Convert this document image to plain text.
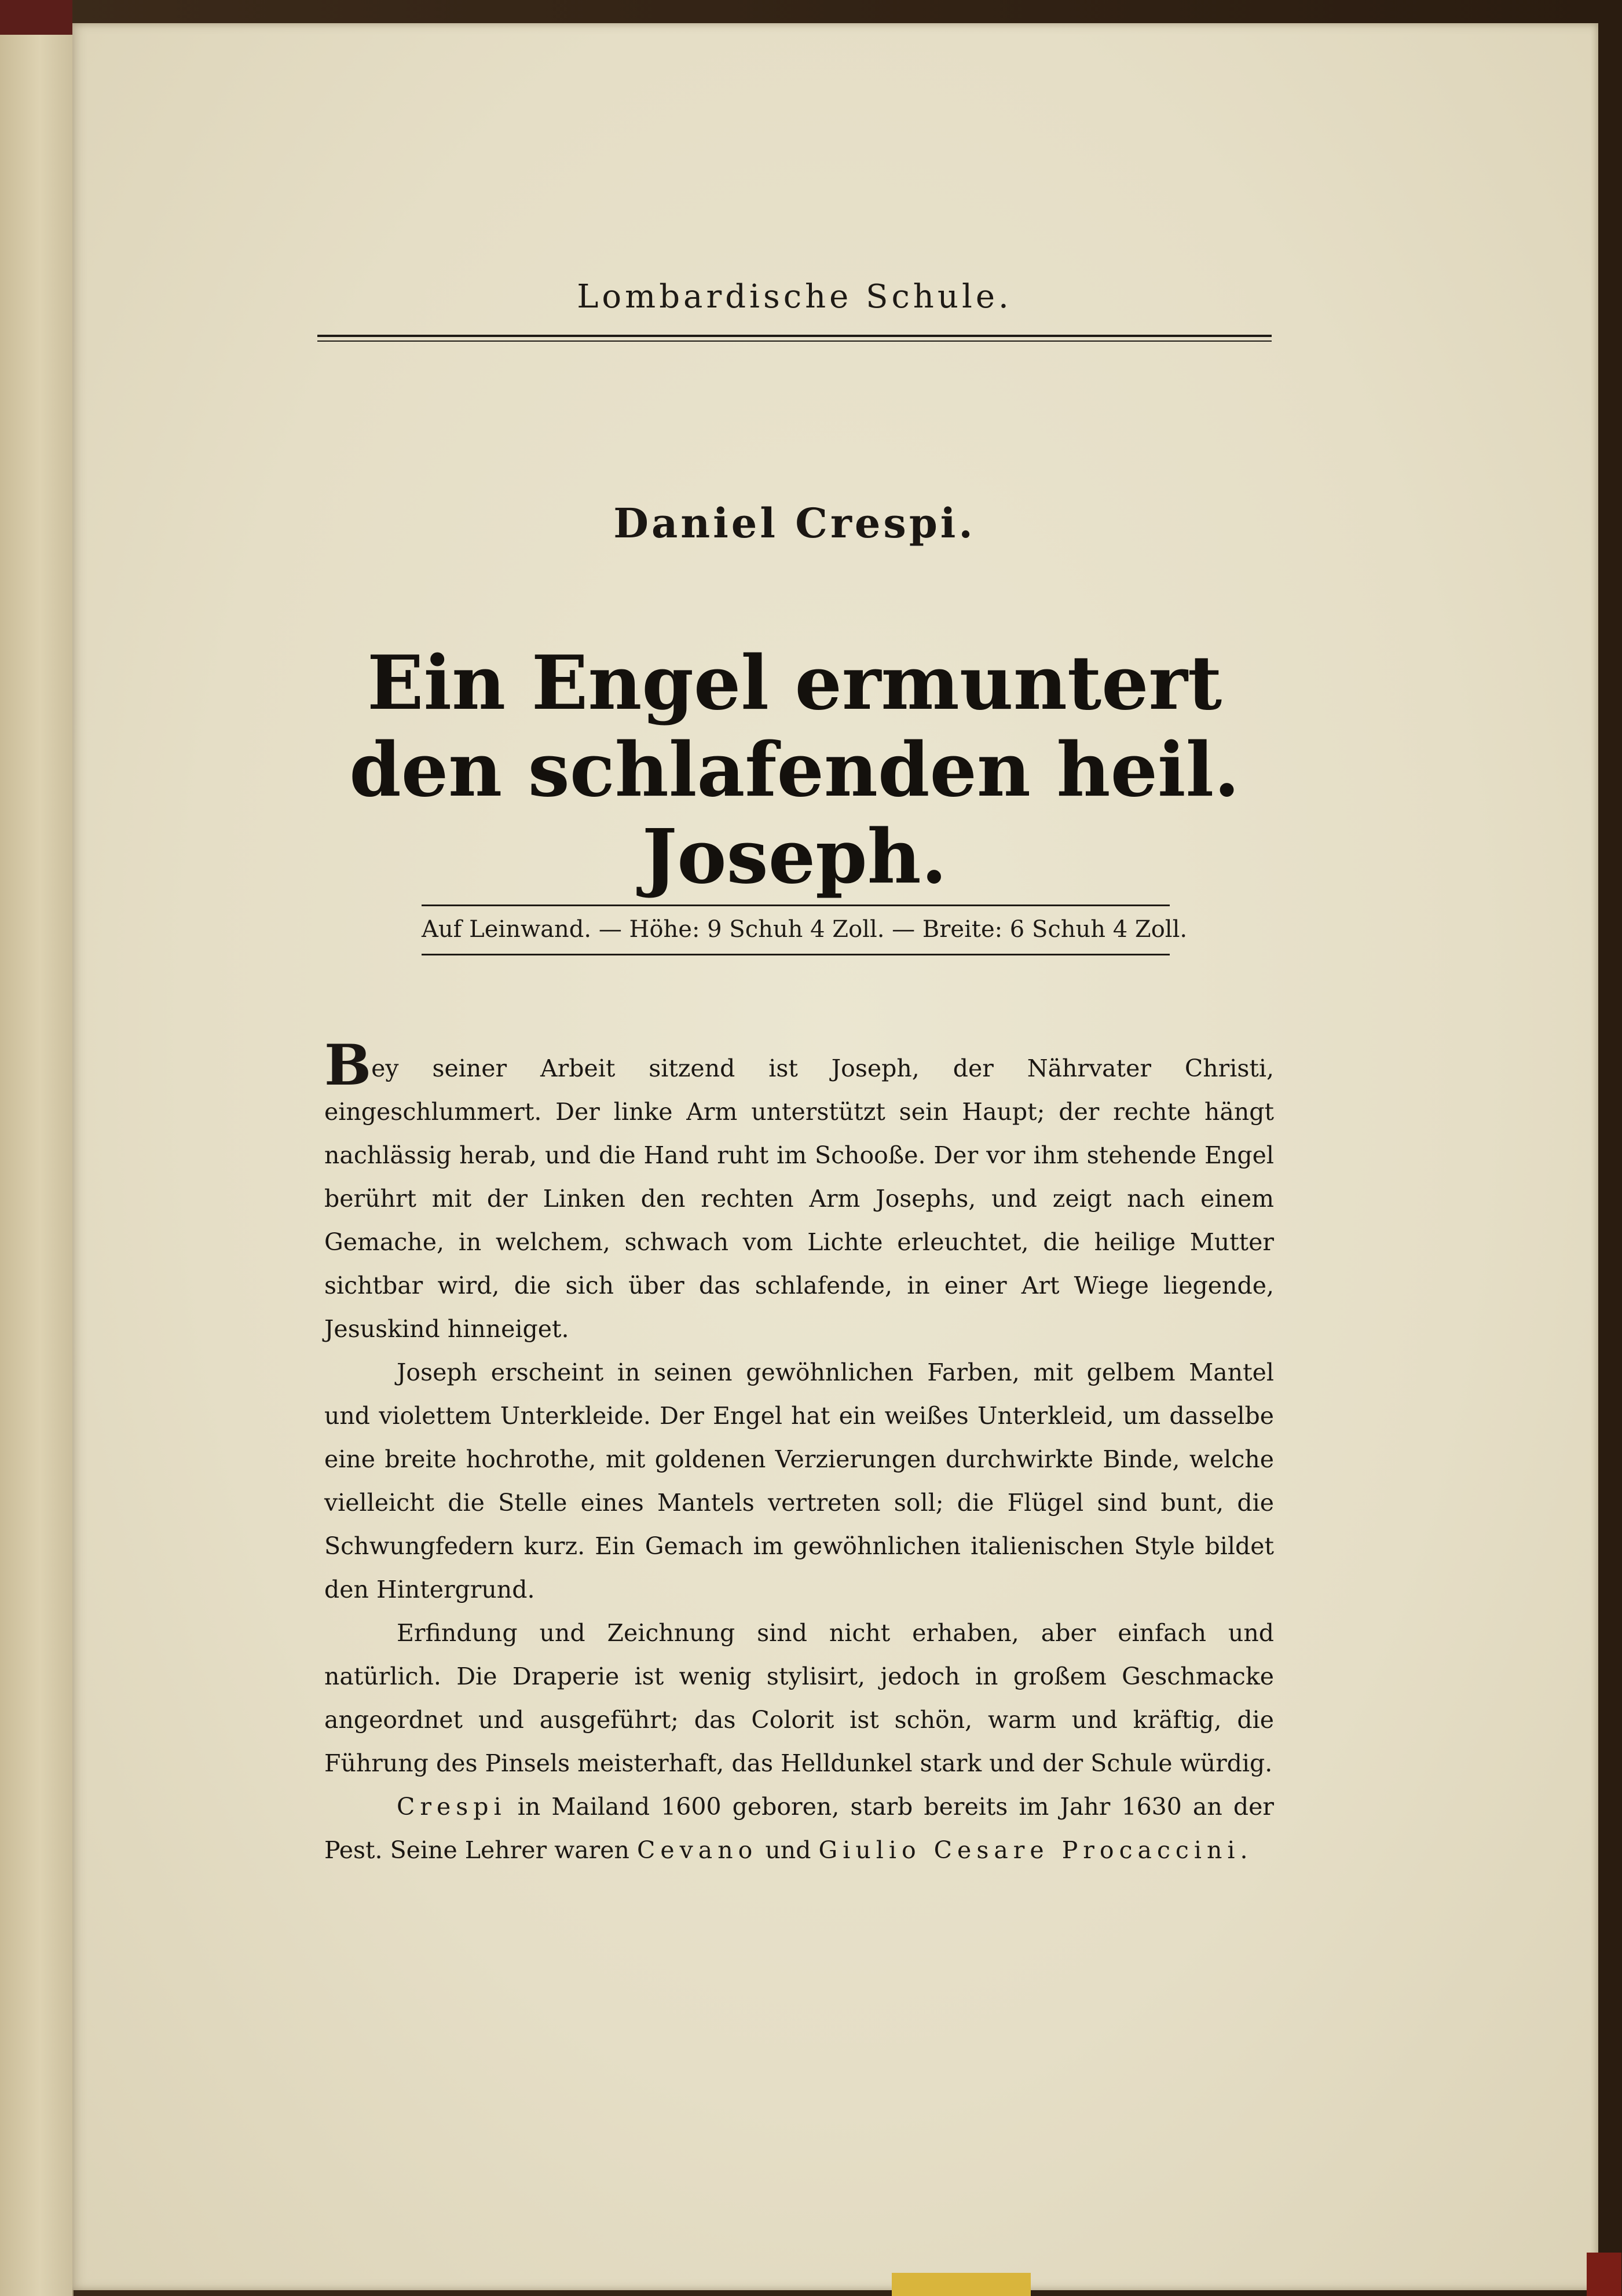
Lombardische Schule.
Daniel Crespi.
Ein Engel ermuntert
den schlafenden heil. Joseph.
Auf Leinwand. — Höhe: 9 Schuh 4 Zoll. — Breite: 6 Schuh 4 Zoll.

Bey seiner Arbeit sitzend ist Joseph, der Nährvater Christi, eingeschlummert. Der linke Arm unterstützt sein Haupt; der rechte hängt nachlässig herab, und die Hand ruht im Schooße. Der vor ihm stehende Engel berührt mit der Linken den rechten Arm Josephs, und zeigt nach einem Gemache, in welchem, schwach vom Lichte erleuchtet, die heilige Mutter sichtbar wird, die sich über das schlafende, in einer Art Wiege liegende, Jesuskind hinneiget.

Joseph erscheint in seinen gewöhnlichen Farben, mit gelbem Mantel und violettem Unterkleide. Der Engel hat ein weißes Unterkleid, um dasselbe eine breite hochrothe, mit goldenen Verzierungen durchwirkte Binde, welche vielleicht die Stelle eines Mantels vertreten soll; die Flügel sind bunt, die Schwungfedern kurz. Ein Gemach im gewöhnlichen italienischen Style bildet den Hintergrund.

Erfindung und Zeichnung sind nicht erhaben, aber einfach und natürlich. Die Draperie ist wenig stylisirt, jedoch in großem Geschmacke angeordnet und ausgeführt; das Colorit ist schön, warm und kräftig, die Führung des Pinsels meisterhaft, das Helldunkel stark und der Schule würdig.

Crespi in Mailand 1600 geboren, starb bereits im Jahr 1630 an der Pest. Seine Lehrer waren Cevano und Giulio Cesare Procaccini.
